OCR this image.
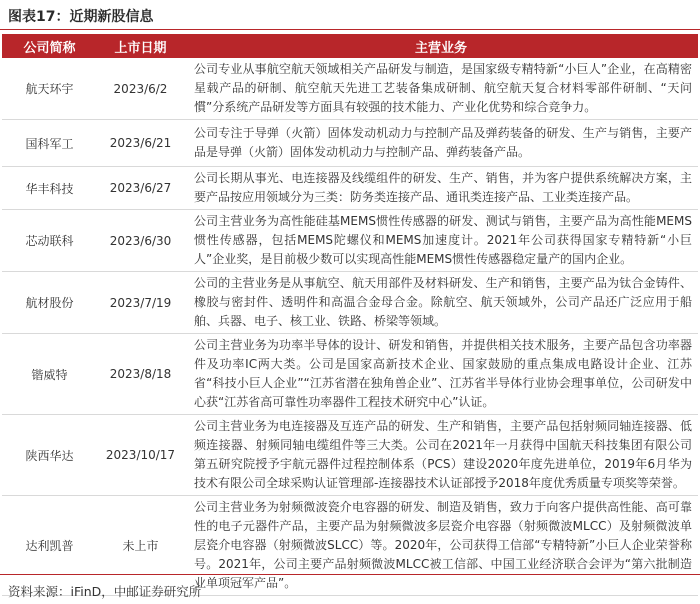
图表17：近期新股信息
公司简称	上市日期	主营业务
航天环宇	2023/6/2	公司专业从事航空航天领域相关产品研发与制造，是国家级专精特新“小巨人”企业，在高精密星载产品的研制、航空航天先进工艺装备集成研制、航空航天复合材料零部件研制、“天问慣”分系统产品研发等方面具有较强的技术能力、产业化优势和综合竞争力。
国科军工	2023/6/21	公司专注于导弹（火箭）固体发动机动力与控制产品及弹药装备的研发、生产与销售，主要产品是导弹（火箭）固体发动机动力与控制产品、弹药装备产品。
华丰科技	2023/6/27	公司长期从事光、电连接器及线缆组件的研发、生产、销售，并为客户提供系统解决方案，主要产品按应用领域分为三类：防务类连接产品、通讯类连接产品、工业类连接产品。
芯动联科	2023/6/30	公司主营业务为高性能硅基MEMS惯性传感器的研发、测试与销售，主要产品为高性能MEMS惯性传感器，包括MEMS陀螺仪和MEMS加速度计。2021年公司获得国家专精特新“小巨人”企业奖，是目前极少数可以实现高性能MEMS惯性传感器稳定量产的国内企业。
航材股份	2023/7/19	公司的主营业务是从事航空、航天用部件及材料研发、生产和销售，主要产品为钛合金铸件、橡胶与密封件、透明件和高温合金母合金。除航空、航天领域外，公司产品还广泛应用于船舶、兵器、电子、核工业、铁路、桥梁等领域。
锴威特	2023/8/18	公司主营业务为功率半导体的设计、研发和销售，并提供相关技术服务，主要产品包含功率器件及功率IC两大类。公司是国家高新技术企业、国家鼓励的重点集成电路设计企业、江苏省“科技小巨人企业”“江苏省潜在独角兽企业”、江苏省半导体行业协会理事单位，公司研发中心获“江苏省高可靠性功率器件工程技术研究中心”认证。
陕西华达	2023/10/17	公司主营业务为电连接器及互连产品的研发、生产和销售，主要产品包括射频同轴连接器、低频连接器、射频同轴电缆组件等三大类。公司在2021年一月获得中国航天科技集团有限公司第五研究院授予宇航元器件过程控制体系（PCS）建设2020年度先进单位，2019年6月华为技术有限公司全球采购认证管理部-连接器技术认证部授予2018年度优秀质量专项奖等荣誉。
达利凯普	未上市	公司主营业务为射频微波瓷介电容器的研发、制造及销售，致力于向客户提供高性能、高可靠性的电子元器件产品，主要产品为射频微波多层瓷介电容器（射频微波MLCC）及射频微波单层瓷介电容器（射频微波SLCC）等。2020年，公司获得工信部“专精特新”小巨人企业荣誉称号。2021年，公司主要产品射频微波MLCC被工信部、中国工业经济联合会评为“第六批制造业单项冠军产品”。
资料来源：iFinD，中邮证券研究所
